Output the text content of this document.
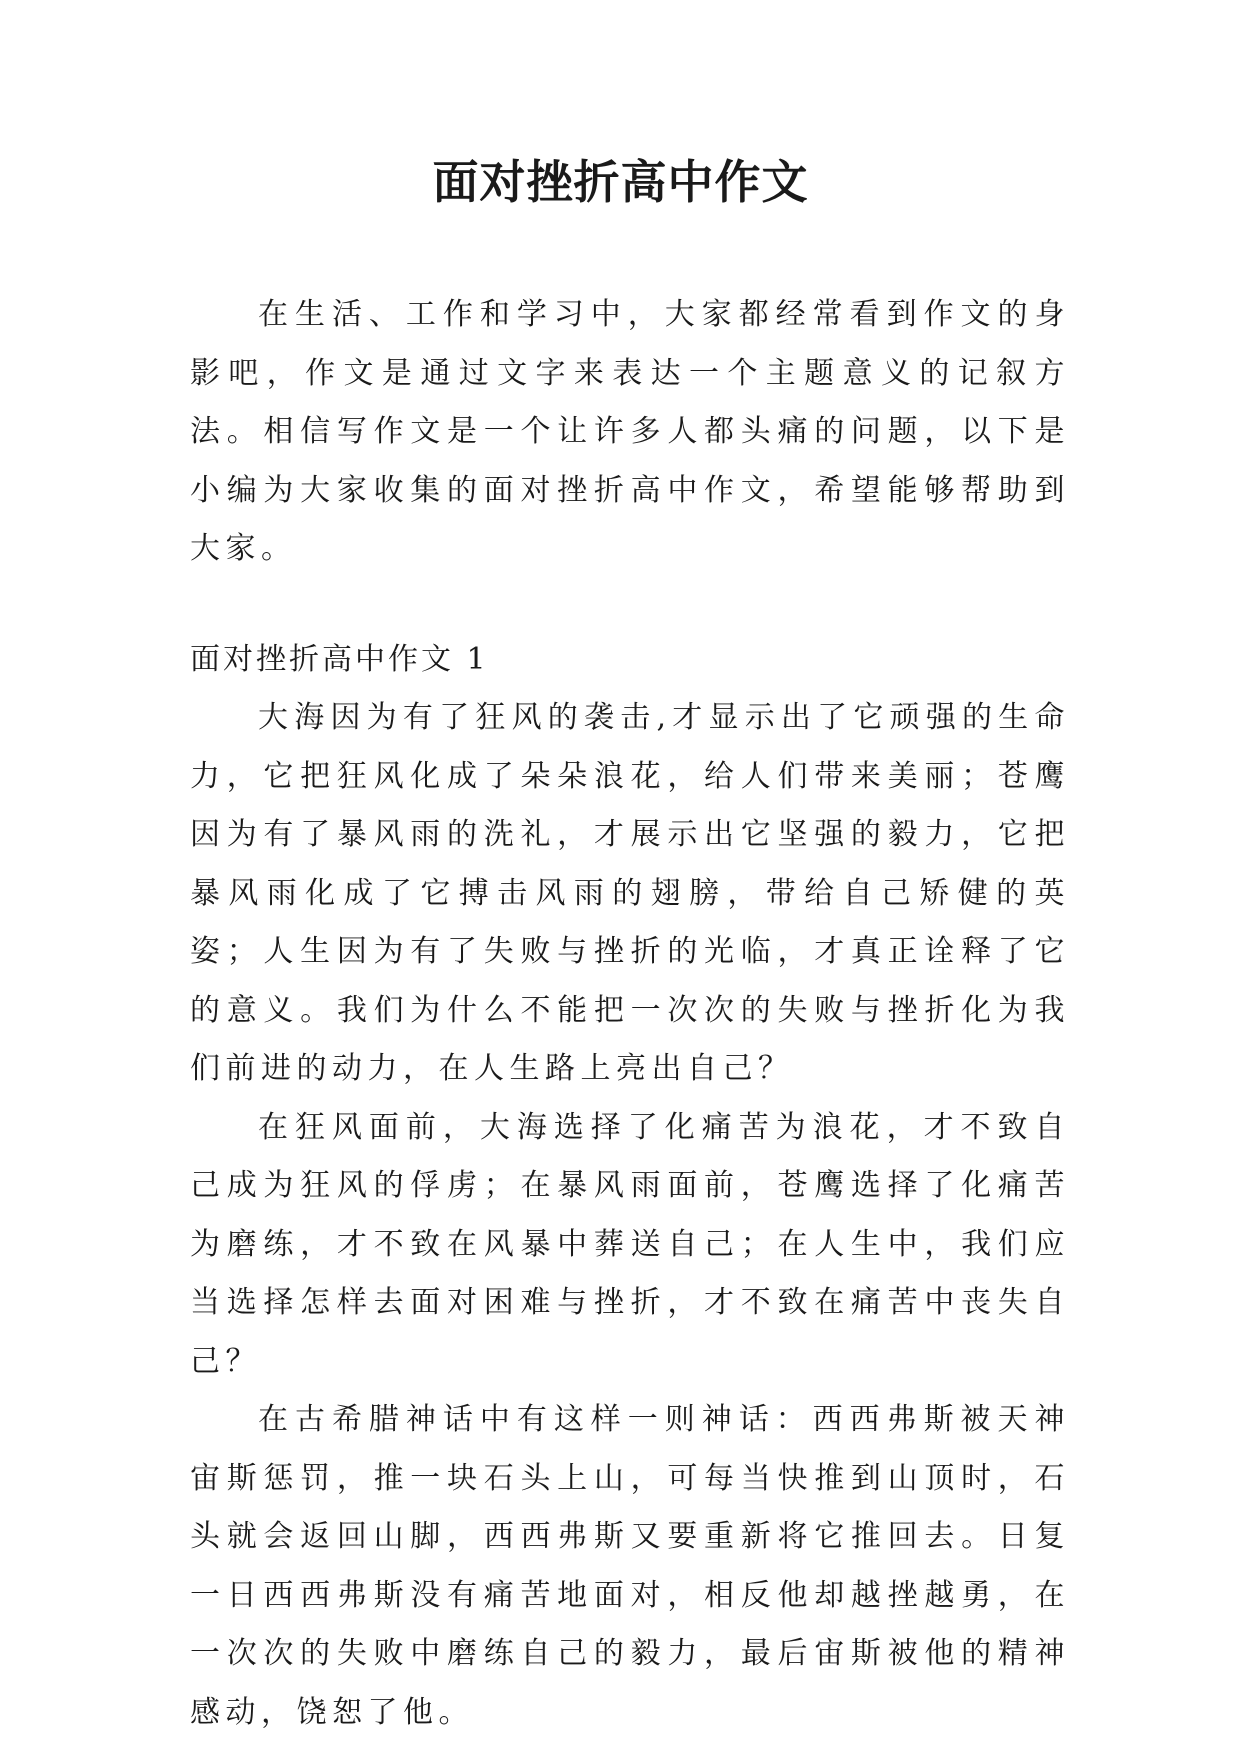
面对挫折高中作文

在生活、工作和学习中，大家都经常看到作文的身影吧，作文是通过文字来表达一个主题意义的记叙方法。相信写作文是一个让许多人都头痛的问题，以下是小编为大家收集的面对挫折高中作文，希望能够帮助到大家。

面对挫折高中作文 1

大海因为有了狂风的袭击,才显示出了它顽强的生命力，它把狂风化成了朵朵浪花，给人们带来美丽；苍鹰因为有了暴风雨的洗礼，才展示出它坚强的毅力，它把暴风雨化成了它搏击风雨的翅膀，带给自己矫健的英姿；人生因为有了失败与挫折的光临，才真正诠释了它的意义。我们为什么不能把一次次的失败与挫折化为我们前进的动力，在人生路上亮出自己？

在狂风面前，大海选择了化痛苦为浪花，才不致自己成为狂风的俘虏；在暴风雨面前，苍鹰选择了化痛苦为磨练，才不致在风暴中葬送自己；在人生中，我们应当选择怎样去面对困难与挫折，才不致在痛苦中丧失自己？

在古希腊神话中有这样一则神话：西西弗斯被天神宙斯惩罚，推一块石头上山，可每当快推到山顶时，石头就会返回山脚，西西弗斯又要重新将它推回去。日复一日西西弗斯没有痛苦地面对，相反他却越挫越勇，在一次次的失败中磨练自己的毅力，最后宙斯被他的精神感动，饶恕了他。
